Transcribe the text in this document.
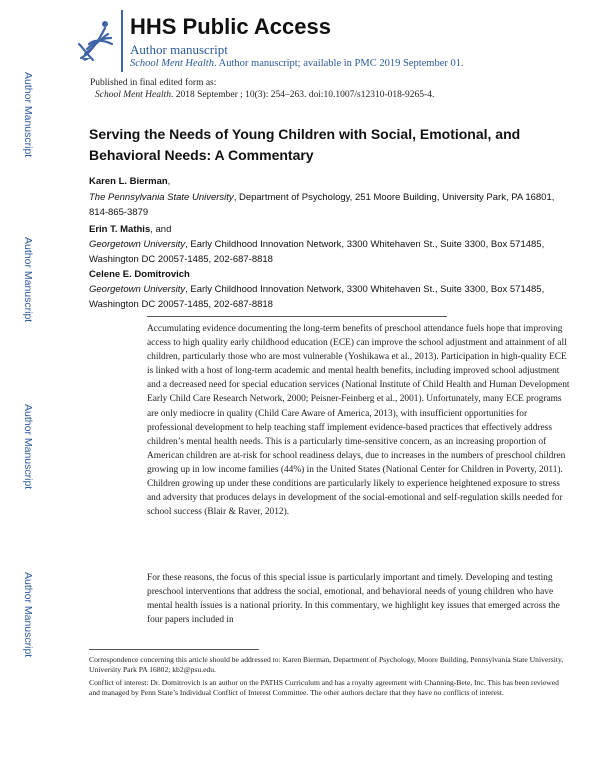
Author Manuscript
Author Manuscript
Author Manuscript
Author Manuscript
HHS Public Access
Author manuscript
School Ment Health. Author manuscript; available in PMC 2019 September 01.
Published in final edited form as:
School Ment Health. 2018 September ; 10(3): 254–263. doi:10.1007/s12310-018-9265-4.
Serving the Needs of Young Children with Social, Emotional, and Behavioral Needs: A Commentary
Karen L. Bierman,
The Pennsylvania State University, Department of Psychology, 251 Moore Building, University Park, PA 16801, 814-865-3879
Erin T. Mathis, and
Georgetown University, Early Childhood Innovation Network, 3300 Whitehaven St., Suite 3300, Box 571485, Washington DC 20057-1485, 202-687-8818
Celene E. Domitrovich
Georgetown University, Early Childhood Innovation Network, 3300 Whitehaven St., Suite 3300, Box 571485, Washington DC 20057-1485, 202-687-8818
Accumulating evidence documenting the long-term benefits of preschool attendance fuels hope that improving access to high quality early childhood education (ECE) can improve the school adjustment and attainment of all children, particularly those who are most vulnerable (Yoshikawa et al., 2013). Participation in high-quality ECE is linked with a host of long-term academic and mental health benefits, including improved school adjustment and a decreased need for special education services (National Institute of Child Health and Human Development Early Child Care Research Network, 2000; Peisner-Feinberg et al., 2001). Unfortunately, many ECE programs are only mediocre in quality (Child Care Aware of America, 2013), with insufficient opportunities for professional development to help teaching staff implement evidence-based practices that effectively address children’s mental health needs. This is a particularly time-sensitive concern, as an increasing proportion of American children are at-risk for school readiness delays, due to increases in the numbers of preschool children growing up in low income families (44%) in the United States (National Center for Children in Poverty, 2011). Children growing up under these conditions are particularly likely to experience heightened exposure to stress and adversity that produces delays in development of the social-emotional and self-regulation skills needed for school success (Blair & Raver, 2012).
For these reasons, the focus of this special issue is particularly important and timely. Developing and testing preschool interventions that address the social, emotional, and behavioral needs of young children who have mental health issues is a national priority. In this commentary, we highlight key issues that emerged across the four papers included in
Correspondence concerning this article should be addressed to: Karen Bierman, Department of Psychology, Moore Building, Pennsylvania State University, University Park PA 16802; kb2@psu.edu.
Conflict of interest: Dr. Domitrovich is an author on the PATHS Curriculum and has a royalty agreement with Channing-Bete, Inc. This has been reviewed and managed by Penn State’s Individual Conflict of Interest Committee. The other authors declare that they have no conflicts of interest.
